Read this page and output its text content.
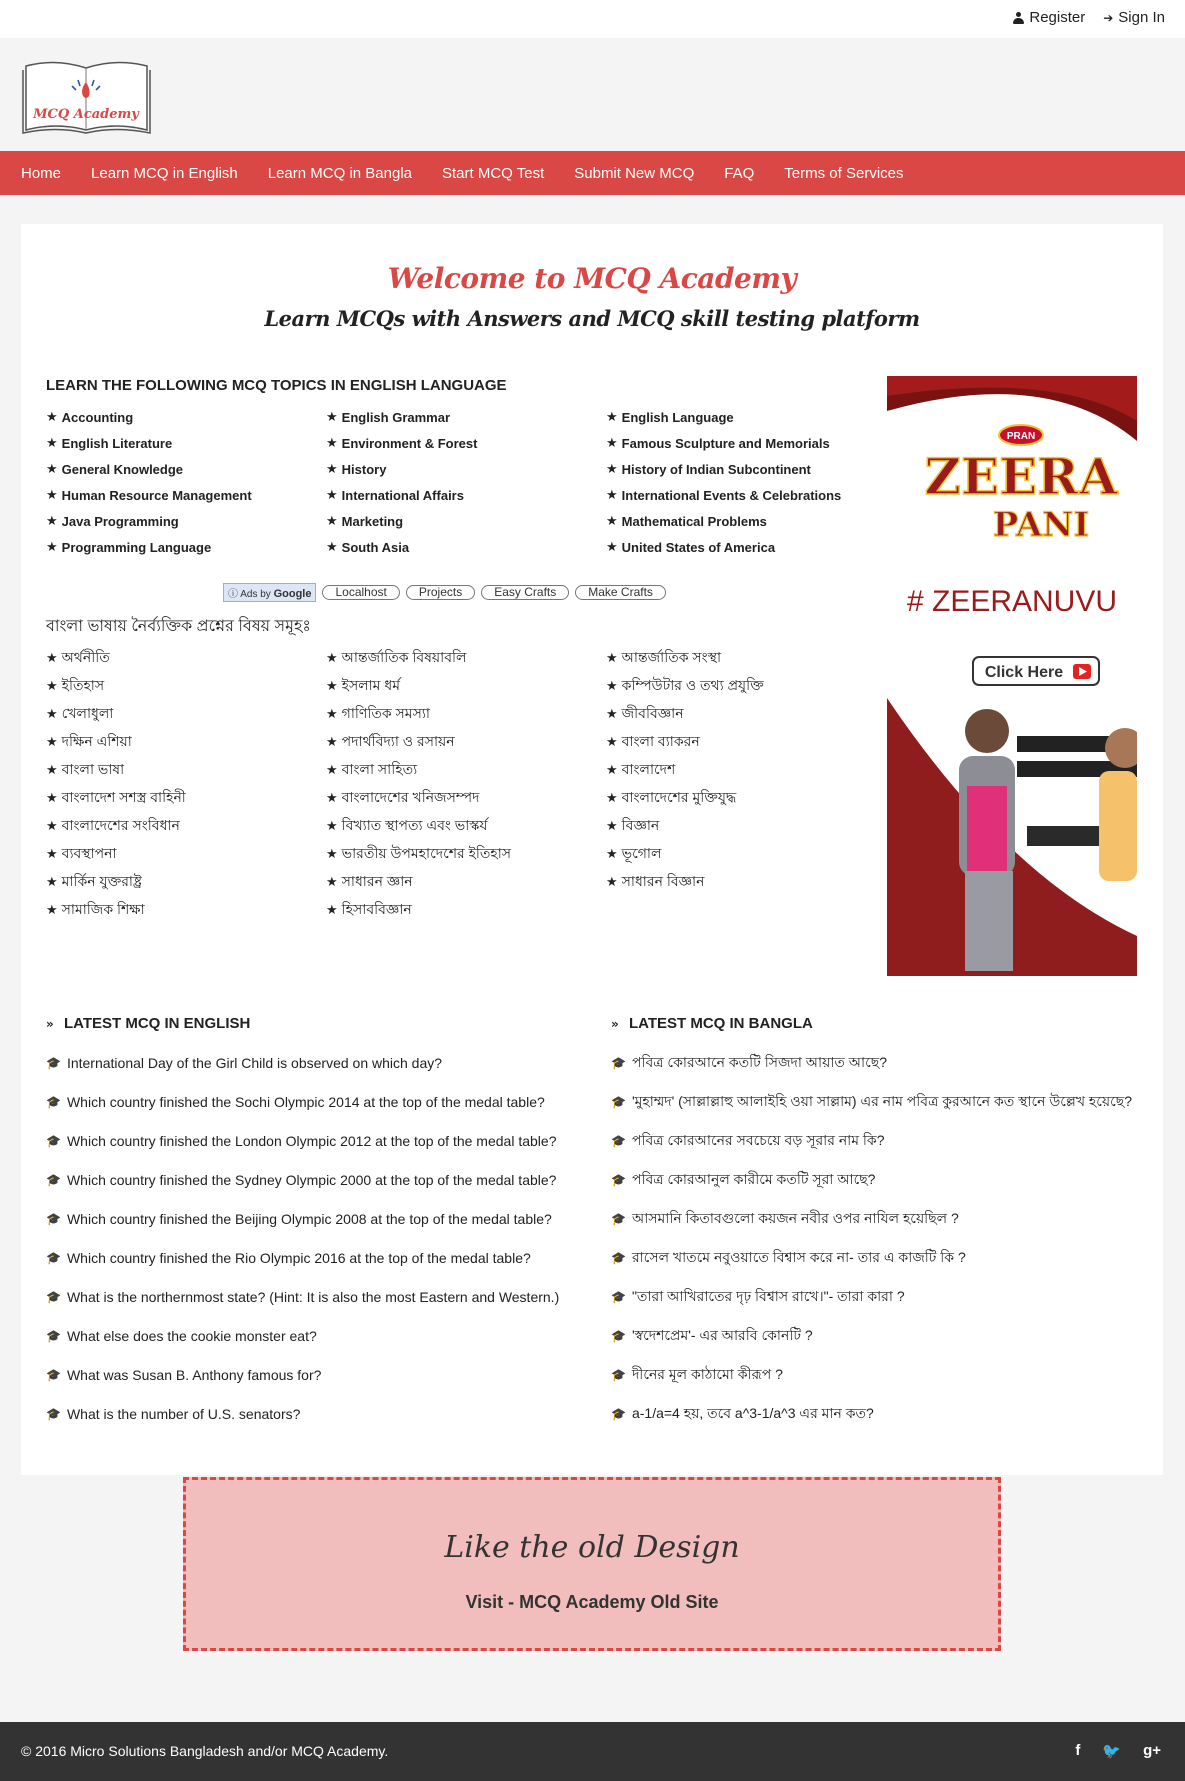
Register ➔ Sign In
MCQ Academy
Home Learn MCQ in English Learn MCQ in Bangla Start MCQ Test Submit New MCQ FAQ Terms of Services
Welcome to MCQ Academy
Learn MCQs with Answers and MCQ skill testing platform
LEARN THE FOLLOWING MCQ TOPICS IN ENGLISH LANGUAGE
★ Accounting	★ English Grammar	★ English Language
★ English Literature	★ Environment & Forest	★ Famous Sculpture and Memorials
★ General Knowledge	★ History	★ History of Indian Subcontinent
★ Human Resource Management	★ International Affairs	★ International Events & Celebrations
★ Java Programming	★ Marketing	★ Mathematical Problems
★ Programming Language	★ South Asia	★ United States of America
ⓘ Ads by Google	Localhost	Projects	Easy Crafts	Make Crafts
বাংলা ভাষায় নৈর্ব্যক্তিক প্রশ্নের বিষয় সমূহঃ
★ অর্থনীতি	★ আন্তর্জাতিক বিষয়াবলি	★ আন্তর্জাতিক সংস্থা
★ ইতিহাস	★ ইসলাম ধর্ম	★ কম্পিউটার ও তথ্য প্রযুক্তি
★ খেলাধুলা	★ গাণিতিক সমস্যা	★ জীববিজ্ঞান
★ দক্ষিন এশিয়া	★ পদার্থবিদ্যা ও রসায়ন	★ বাংলা ব্যাকরন
★ বাংলা ভাষা	★ বাংলা সাহিত্য	★ বাংলাদেশ
★ বাংলাদেশ সশস্ত্র বাহিনী	★ বাংলাদেশের খনিজসম্পদ	★ বাংলাদেশের মুক্তিযুদ্ধ
★ বাংলাদেশের সংবিধান	★ বিখ্যাত স্থাপত্য এবং ভাস্কর্য	★ বিজ্ঞান
★ ব্যবস্থাপনা	★ ভারতীয় উপমহাদেশের ইতিহাস	★ ভূগোল
★ মার্কিন যুক্তরাষ্ট্র	★ সাধারন জ্ঞান	★ সাধারন বিজ্ঞান
★ সামাজিক শিক্ষা	★ হিসাববিজ্ঞান
PRAN
ZEERA
PANI
# ZEERANUVU
Click Here
» LATEST MCQ IN ENGLISH
🎓 International Day of the Girl Child is observed on which day?
🎓 Which country finished the Sochi Olympic 2014 at the top of the medal table?
🎓 Which country finished the London Olympic 2012 at the top of the medal table?
🎓 Which country finished the Sydney Olympic 2000 at the top of the medal table?
🎓 Which country finished the Beijing Olympic 2008 at the top of the medal table?
🎓 Which country finished the Rio Olympic 2016 at the top of the medal table?
🎓 What is the northernmost state? (Hint: It is also the most Eastern and Western.)
🎓 What else does the cookie monster eat?
🎓 What was Susan B. Anthony famous for?
🎓 What is the number of U.S. senators?
» LATEST MCQ IN BANGLA
🎓 পবিত্র কোরআনে কতটি সিজদা আয়াত আছে?
🎓 'মুহাম্মদ' (সাল্লাল্লাহু আলাইহি ওয়া সাল্লাম) এর নাম পবিত্র কুরআনে কত স্থানে উল্লেখ হয়েছে?
🎓 পবিত্র কোরআনের সবচেয়ে বড় সূরার নাম কি?
🎓 পবিত্র কোরআনুল কারীমে কতটি সূরা আছে?
🎓 আসমানি কিতাবগুলো কয়জন নবীর ওপর নাযিল হয়েছিল ?
🎓 রাসেল খাতমে নবুওয়াতে বিশ্বাস করে না- তার এ কাজটি কি ?
🎓 "তারা আখিরাতের দৃঢ় বিশ্বাস রাখে।"- তারা কারা ?
🎓 'স্বদেশপ্রেম'- এর আরবি কোনটি ?
🎓 দীনের মূল কাঠামো কীরূপ ?
🎓 a-1/a=4 হয়, তবে a^3-1/a^3 এর মান কত?
Like the old Design
Visit - MCQ Academy Old Site
© 2016 Micro Solutions Bangladesh and/or MCQ Academy.	f 🐦 g+
